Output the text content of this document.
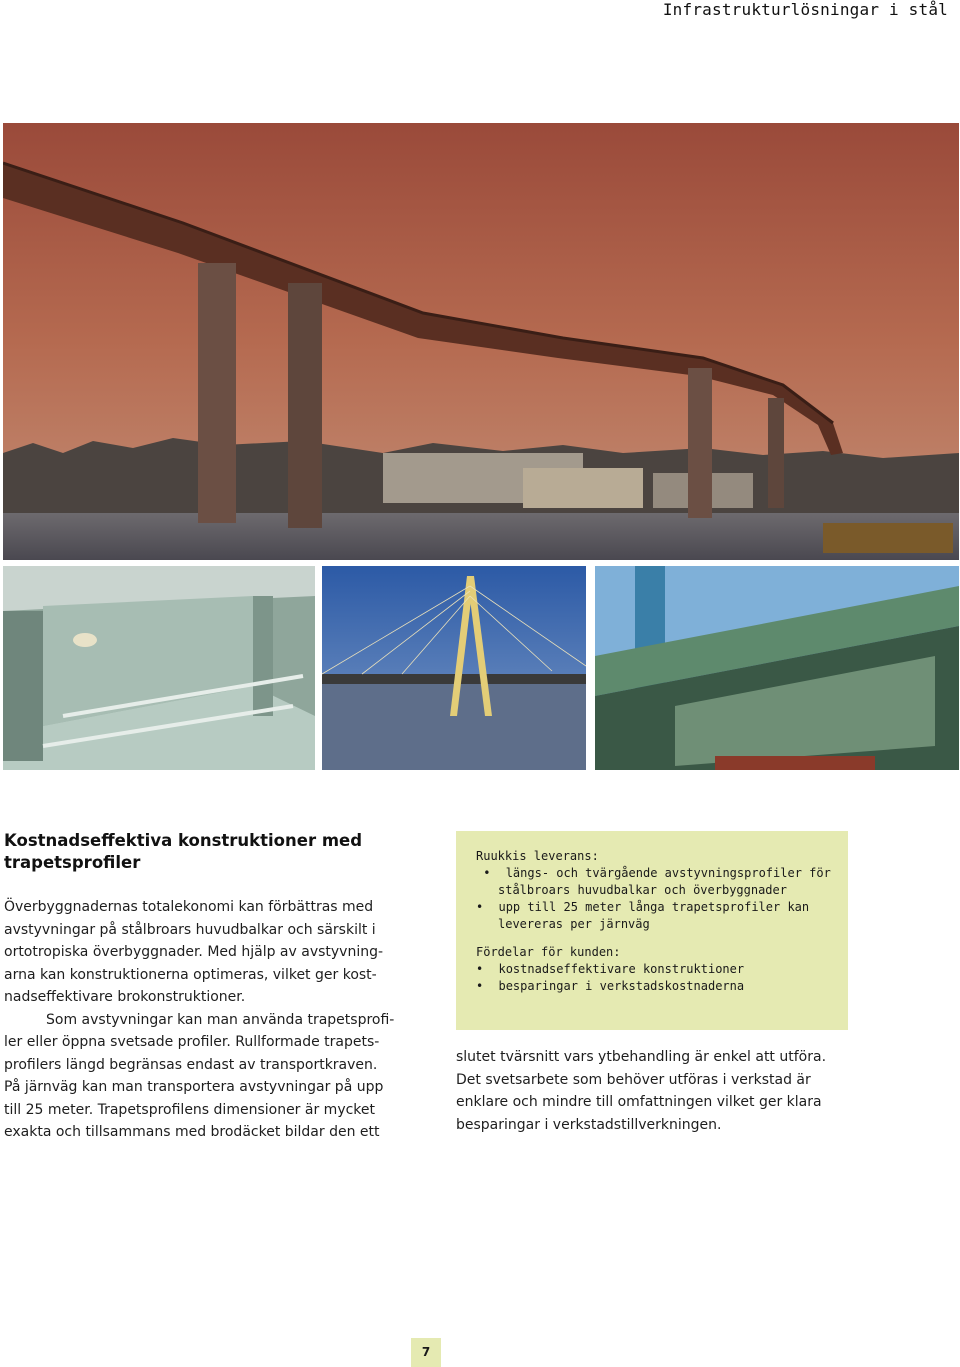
Infrastrukturlösningar i stål
Kostnadseffektiva konstruktioner med
trapetsprofiler
Överbyggnadernas totalekonomi kan förbättras med
avstyvningar på stålbroars huvudbalkar och särskilt i
ortotropiska överbyggnader. Med hjälp av avstyvning-
arna kan konstruktionerna optimeras, vilket ger kost-
nadseffektivare brokonstruktioner.
Som avstyvningar kan man använda trapetsprofi-
ler eller öppna svetsade profiler. Rullformade trapets-
profilers längd begränsas endast av transportkraven.
På järnväg kan man transportera avstyvningar på upp
till 25 meter. Trapetsprofilens dimensioner är mycket
exakta och tillsammans med brodäcket bildar den ett
Ruukkis leverans:
• längs- och tvärgående avstyvningsprofiler för
stålbroars huvudbalkar och överbyggnader
• upp till 25 meter långa trapetsprofiler kan
levereras per järnväg
Fördelar för kunden:
• kostnadseffektivare konstruktioner
• besparingar i verkstadskostnaderna
slutet tvärsnitt vars ytbehandling är enkel att utföra.
Det svetsarbete som behöver utföras i verkstad är
enklare och mindre till omfattningen vilket ger klara
besparingar i verkstadstillverkningen.
7
